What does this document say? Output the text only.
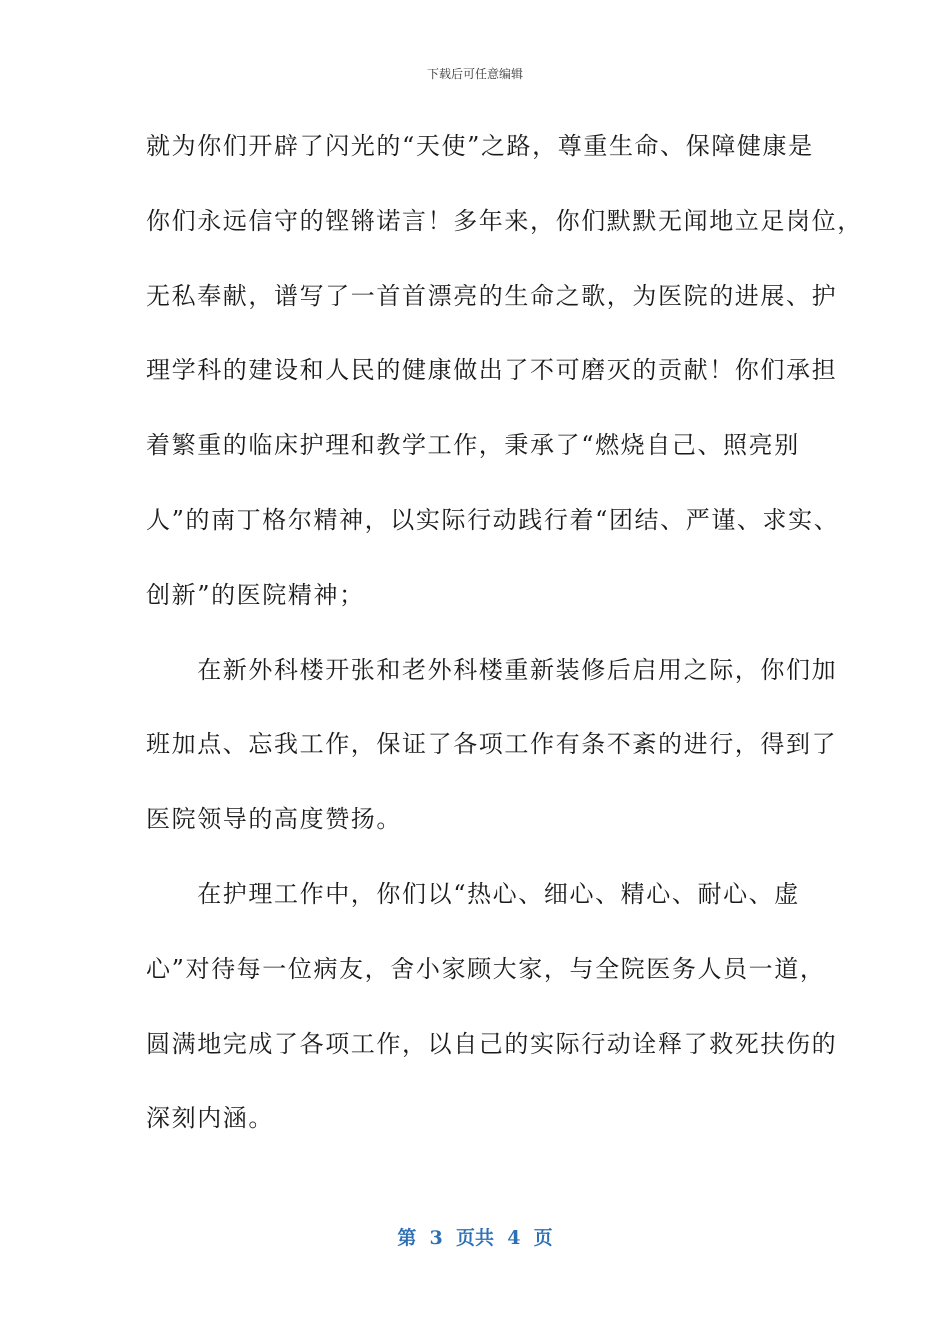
下载后可任意编辑
就为你们开辟了闪光的“天使”之路，尊重生命、保障健康是
你们永远信守的铿锵诺言！多年来，你们默默无闻地立足岗位，
无私奉献，谱写了一首首漂亮的生命之歌，为医院的进展、护
理学科的建设和人民的健康做出了不可磨灭的贡献！你们承担
着繁重的临床护理和教学工作，秉承了“燃烧自己、照亮别
人”的南丁格尔精神，以实际行动践行着“团结、严谨、求实、
创新”的医院精神；
　　在新外科楼开张和老外科楼重新装修后启用之际，你们加
班加点、忘我工作，保证了各项工作有条不紊的进行，得到了
医院领导的高度赞扬。
　　在护理工作中，你们以“热心、细心、精心、耐心、虚
心”对待每一位病友，舍小家顾大家，与全院医务人员一道，
圆满地完成了各项工作，以自己的实际行动诠释了救死扶伤的
深刻内涵。
第  3  页共  4  页
